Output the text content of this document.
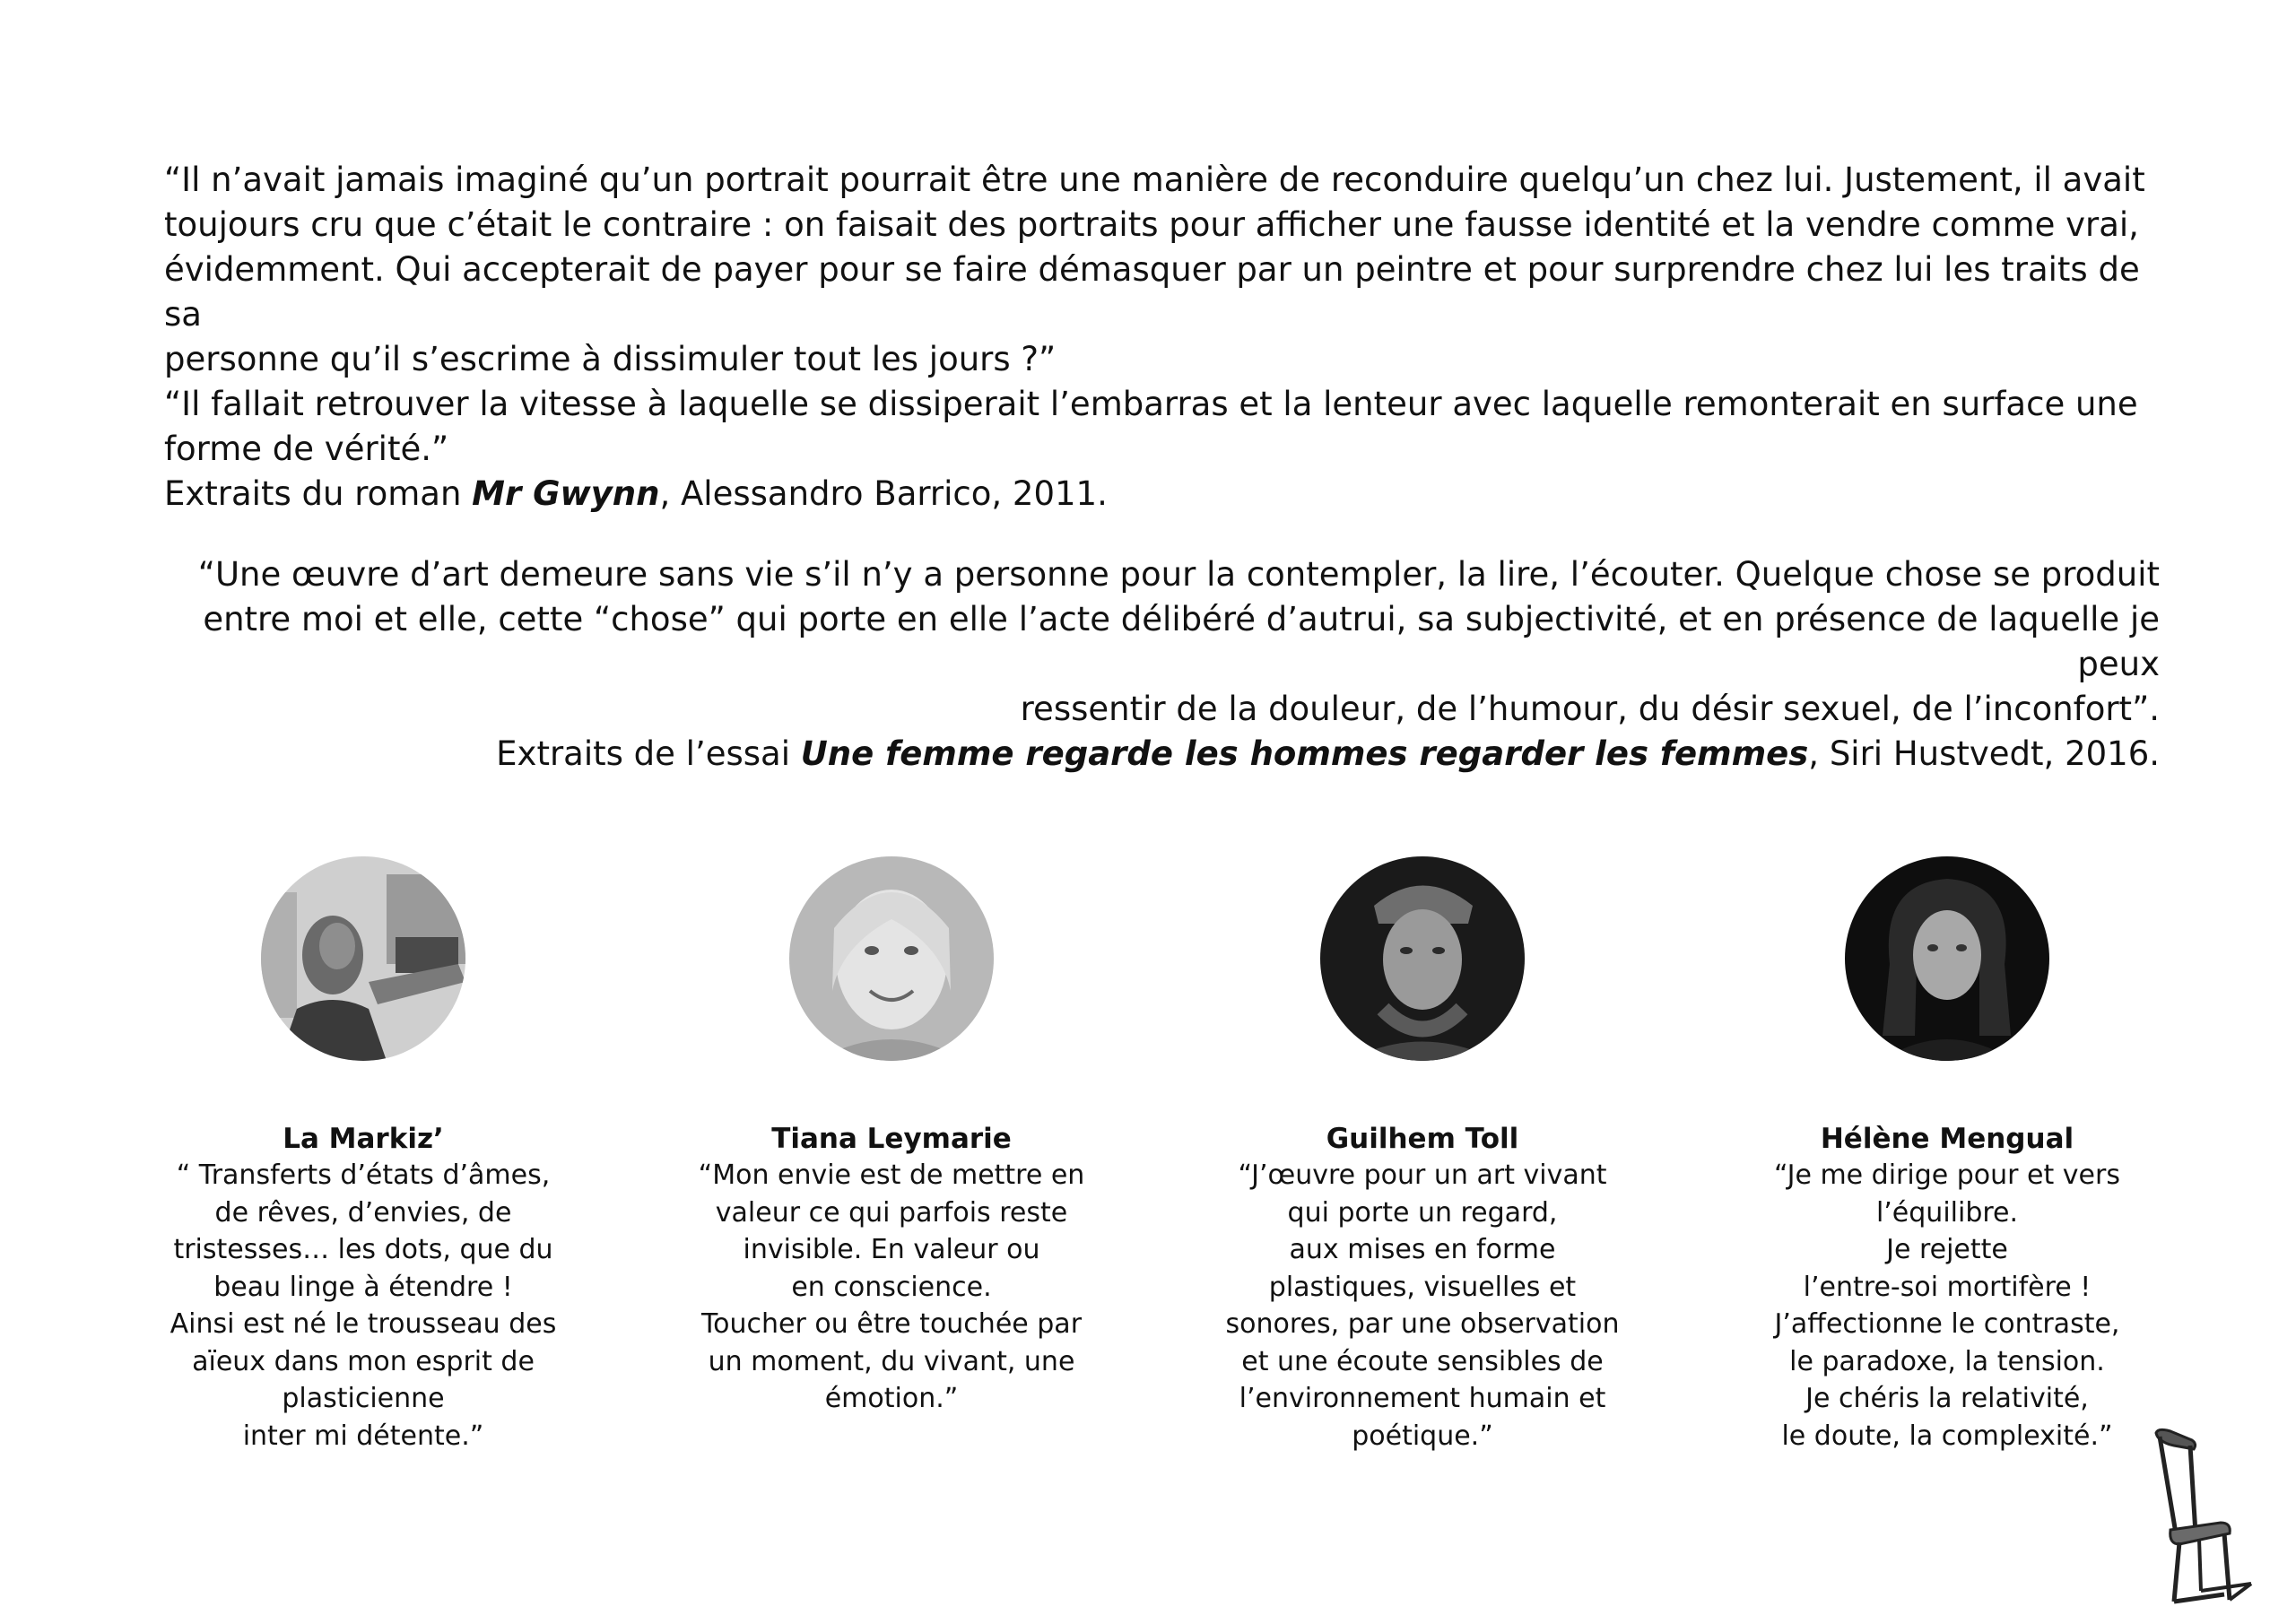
“Il n’avait jamais imaginé qu’un portrait pourrait être une manière de reconduire quelqu’un chez lui. Justement, il avait

toujours cru que c’était le contraire : on faisait des portraits pour afficher une fausse identité et la vendre comme vrai,

évidemment. Qui accepterait de payer pour se faire démasquer par un peintre et pour surprendre chez lui les traits de sa

personne qu’il s’escrime à dissimuler tout les jours ?”

“Il fallait retrouver la vitesse à laquelle se dissiperait l’embarras et la lenteur avec laquelle remonterait en surface une

forme de vérité.”

Extraits du roman Mr Gwynn, Alessandro Barrico, 2011.

“Une œuvre d’art demeure sans vie s’il n’y a personne pour la contempler, la lire, l’écouter. Quelque chose se produit

entre moi et elle, cette “chose” qui porte en elle l’acte délibéré d’autrui, sa subjectivité, et en présence de laquelle je peux

ressentir de la douleur, de l’humour, du désir sexuel, de l’inconfort”.

Extraits de l’essai Une femme regarde les hommes regarder les femmes, Siri Hustvedt, 2016.

La Markiz’

“ Transferts d’états d’âmes,

de rêves, d’envies, de

tristesses… les dots, que du

beau linge à étendre !

Ainsi est né le trousseau des

aïeux dans mon esprit de

plasticienne

inter mi détente.”

Tiana Leymarie

“Mon envie est de mettre en

valeur ce qui parfois reste

invisible. En valeur ou

en conscience.

Toucher ou être touchée par

un moment, du vivant, une

émotion.”

Guilhem Toll

“J’œuvre pour un art vivant

qui porte un regard,

aux mises en forme

plastiques, visuelles et

sonores, par une observation

et une écoute sensibles de

l’environnement humain et

poétique.”

Hélène Mengual

“Je me dirige pour et vers

l’équilibre.

Je rejette

l’entre-soi mortifère !

J’affectionne le contraste,

le paradoxe, la tension.

Je chéris la relativité,

le doute, la complexité.”
